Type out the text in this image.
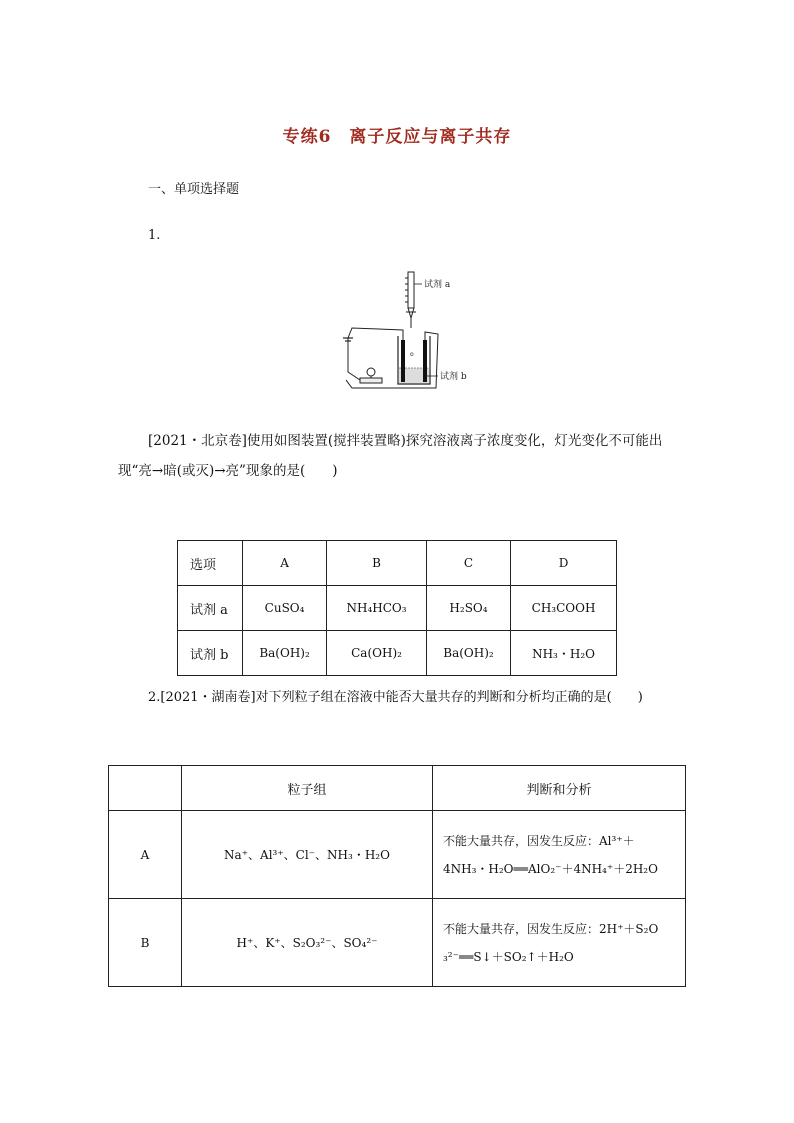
专练6　离子反应与离子共存
一、单项选择题
1.
试剂 a
o
试剂 b
[2021・北京卷]使用如图装置(搅拌装置略)探究溶液离子浓度变化，灯光变化不可能出
现“亮→暗(或灭)→亮”现象的是(　　)
选项	A	B	C	D
试剂 a	CuSO₄	NH₄HCO₃	H₂SO₄	CH₃COOH
试剂 b	Ba(OH)₂	Ca(OH)₂	Ba(OH)₂	NH₃・H₂O
2.[2021・湖南卷]对下列粒子组在溶液中能否大量共存的判断和分析均正确的是(　　)
	粒子组	判断和分析
A	Na⁺、Al³⁺、Cl⁻、NH₃・H₂O	不能大量共存，因发生反应：Al³⁺＋
4NH₃・H₂O══AlO₂⁻＋4NH₄⁺＋2H₂O

B	H⁺、K⁺、S₂O₃²⁻、SO₄²⁻	不能大量共存，因发生反应：2H⁺＋S₂O
₃²⁻══S↓＋SO₂↑＋H₂O
